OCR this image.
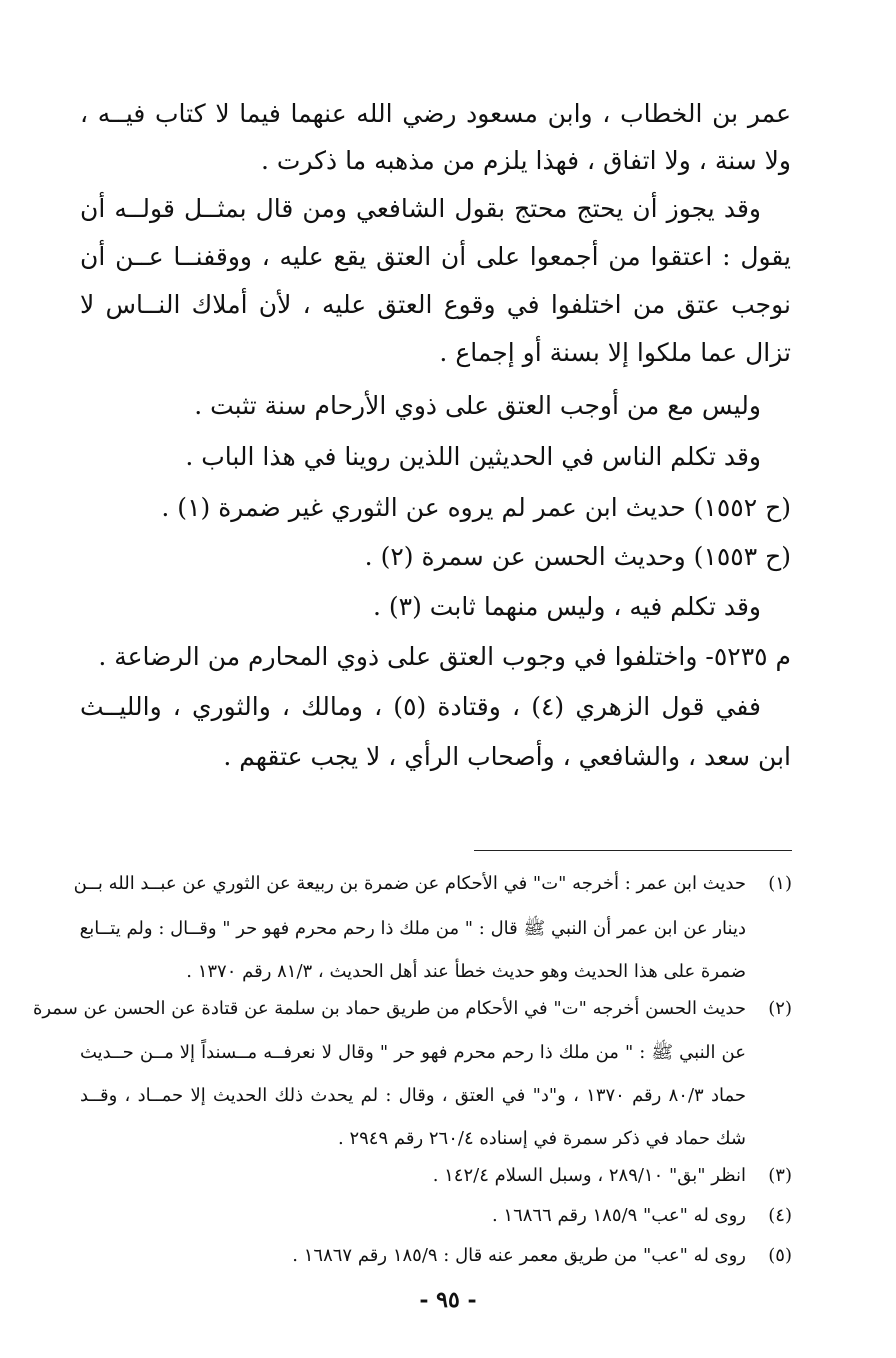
عمر بن الخطاب ، وابن مسعود رضي الله عنهما فيما لا كتاب فيــه ،
ولا سنة ، ولا اتفاق ، فهذا يلزم من مذهبه ما ذكرت .
وقد يجوز أن يحتج محتج بقول الشافعي ومن قال بمثــل قولــه أن
يقول : اعتقوا من أجمعوا على أن العتق يقع عليه ، ووقفنــا عــن أن
نوجب عتق من اختلفوا في وقوع العتق عليه ، لأن أملاك النــاس لا
تزال عما ملكوا إلا بسنة أو إجماع .
وليس مع من أوجب العتق على ذوي الأرحام سنة تثبت .
وقد تكلم الناس في الحديثين اللذين روينا في هذا الباب .
(ح ١٥٥٢) حديث ابن عمر لم يروه عن الثوري غير ضمرة (١) .
(ح ١٥٥٣) وحديث الحسن عن سمرة (٢) .
وقد تكلم فيه ، وليس منهما ثابت (٣) .
م ٥٢٣٥- واختلفوا في وجوب العتق على ذوي المحارم من الرضاعة .
ففي قول الزهري (٤) ، وقتادة (٥) ، ومالك ، والثوري ، والليــث
ابن سعد ، والشافعي ، وأصحاب الرأي ، لا يجب عتقهم .
(١)
حديث ابن عمر : أخرجه "ت" في الأحكام عن ضمرة بن ربيعة عن الثوري عن عبــد الله بــن
دينار عن ابن عمر أن النبي ﷺ قال : " من ملك ذا رحم محرم فهو حر " وقــال : ولم يتــابع
ضمرة على هذا الحديث وهو حديث خطأ عند أهل الحديث ، ٨١/٣ رقم ١٣٧٠ .
(٢)
حديث الحسن أخرجه "ت" في الأحكام من طريق حماد بن سلمة عن قتادة عن الحسن عن سمرة
عن النبي ﷺ : " من ملك ذا رحم محرم فهو حر " وقال لا نعرفــه مــسنداً إلا مــن حــديث
حماد ٨٠/٣ رقم ١٣٧٠ ، و"د" في العتق ، وقال : لم يحدث ذلك الحديث إلا حمــاد ، وقــد
شك حماد في ذكر سمرة في إسناده ٢٦٠/٤ رقم ٢٩٤٩ .
(٣)
انظر "بق" ٢٨٩/١٠ ، وسبل السلام ١٤٢/٤ .
(٤)
روى له "عب" ١٨٥/٩ رقم ١٦٨٦٦ .
(٥)
روى له "عب" من طريق معمر عنه قال : ١٨٥/٩ رقم ١٦٨٦٧ .
- ٩٥ -
